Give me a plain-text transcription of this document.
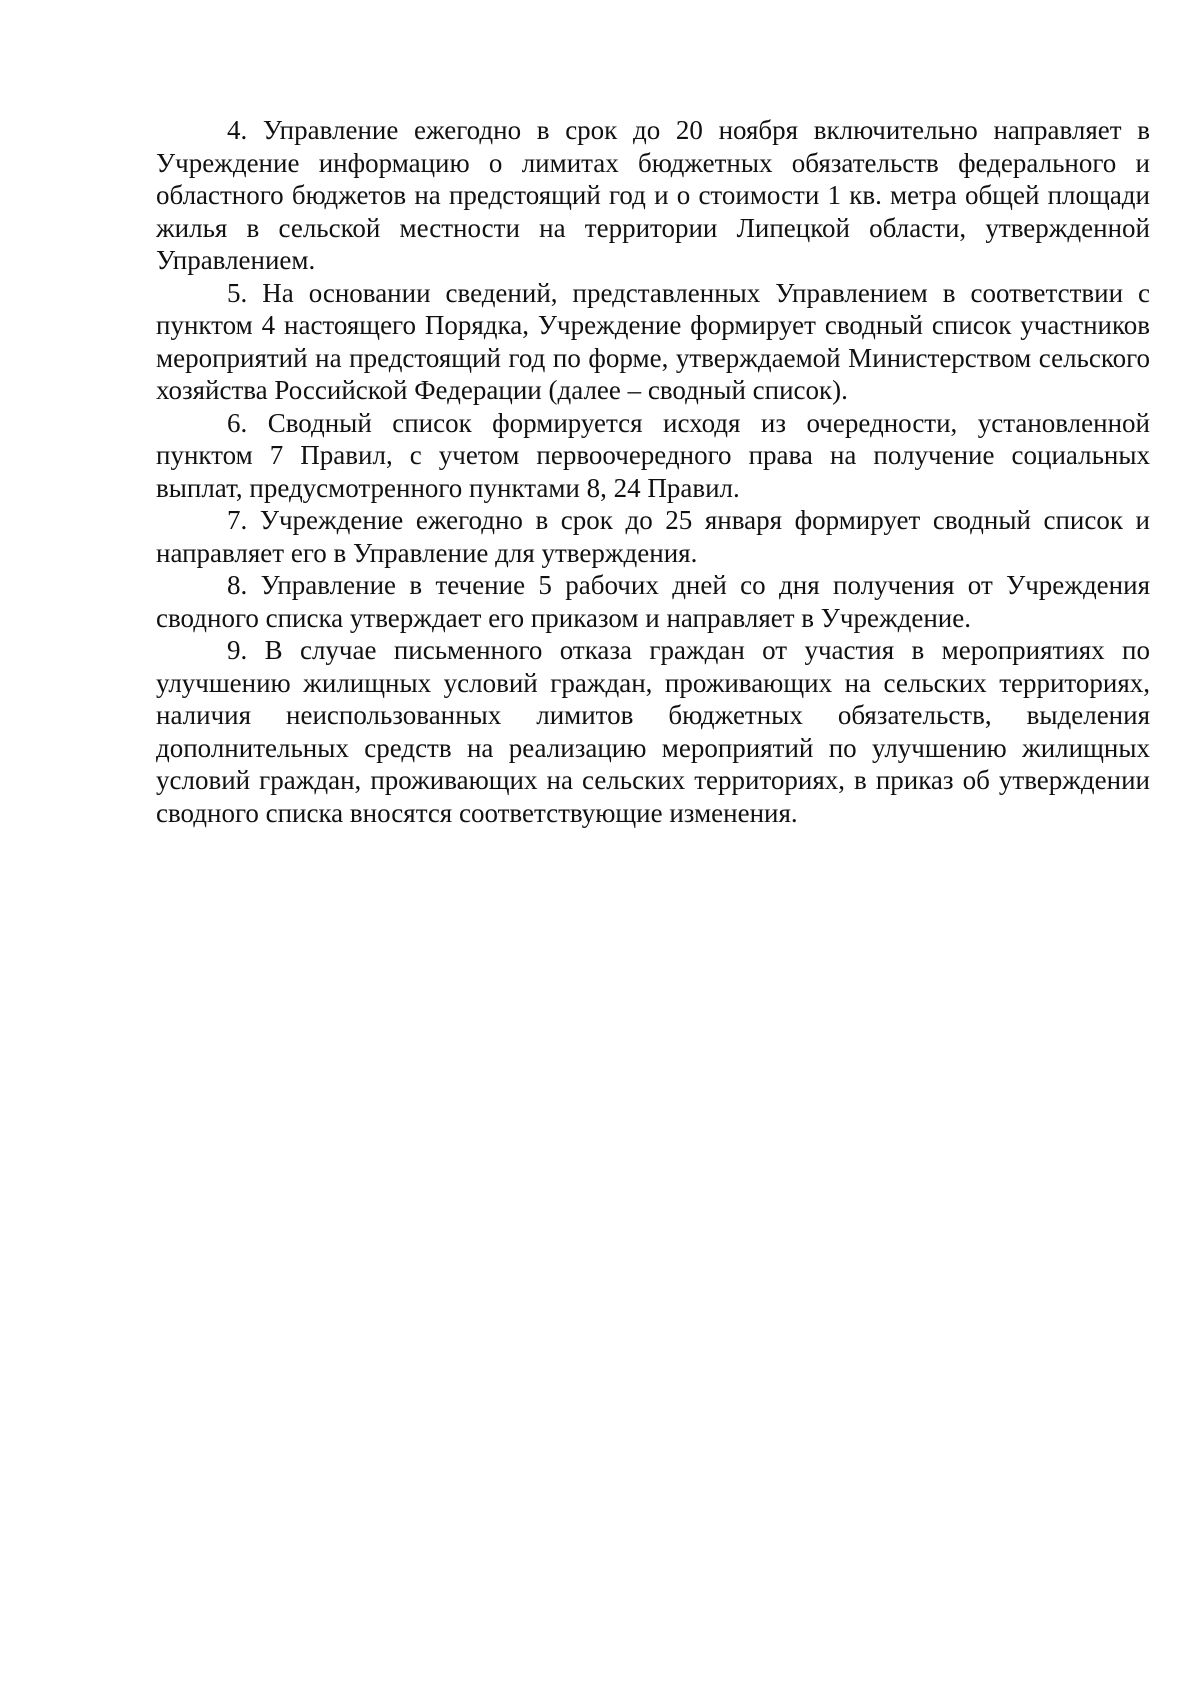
4. Управление ежегодно в срок до 20 ноября включительно направляет в Учреждение информацию о лимитах бюджетных обязательств федерального и областного бюджетов на предстоящий год и о стоимости 1 кв. метра общей площади жилья в сельской местности на территории Липецкой области, утвержденной Управлением.

5. На основании сведений, представленных Управлением в соответствии с пунктом 4 настоящего Порядка, Учреждение формирует сводный список участников мероприятий на предстоящий год по форме, утверждаемой Министерством сельского хозяйства Российской Федерации (далее – сводный список).

6. Сводный список формируется исходя из очередности, установленной пунктом 7 Правил, с учетом первоочередного права на получение социальных выплат, предусмотренного пунктами 8, 24 Правил.

7. Учреждение ежегодно в срок до 25 января формирует сводный список и направляет его в Управление для утверждения.

8. Управление в течение 5 рабочих дней со дня получения от Учреждения сводного списка утверждает его приказом и направляет в Учреждение.

9. В случае письменного отказа граждан от участия в мероприятиях по улучшению жилищных условий граждан, проживающих на сельских территориях, наличия неиспользованных лимитов бюджетных обязательств, выделения дополнительных средств на реализацию мероприятий по улучшению жилищных условий граждан, проживающих на сельских территориях, в приказ об утверждении сводного списка вносятся соответствующие изменения.
